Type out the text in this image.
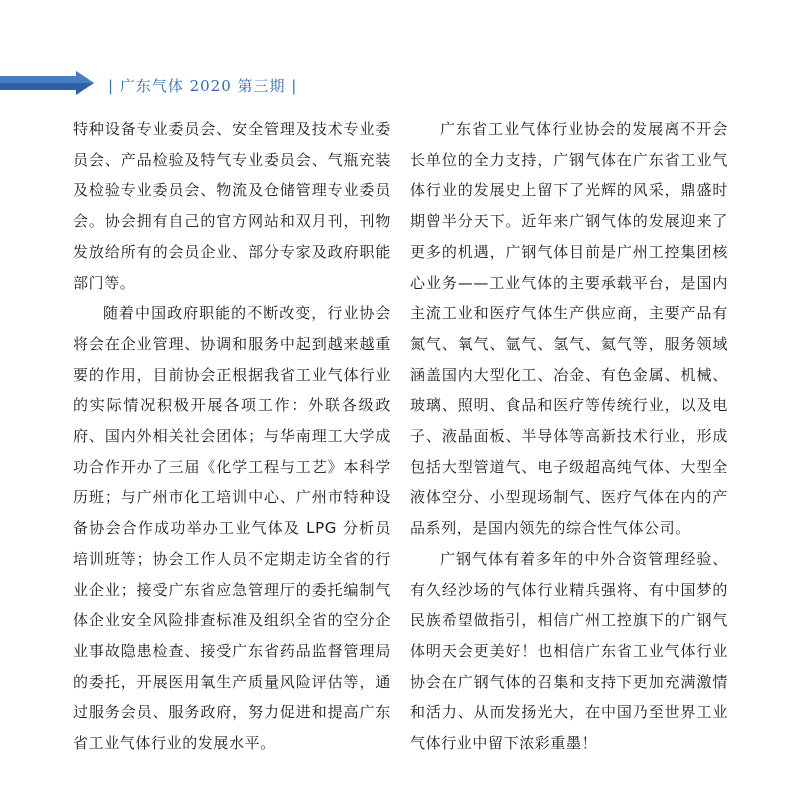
| 广东气体 2020 第三期 |

特种设备专业委员会、安全管理及技术专业委员会、产品检验及特气专业委员会、气瓶充装及检验专业委员会、物流及仓储管理专业委员会。协会拥有自己的官方网站和双月刊，刊物发放给所有的会员企业、部分专家及政府职能部门等。

随着中国政府职能的不断改变，行业协会将会在企业管理、协调和服务中起到越来越重要的作用，目前协会正根据我省工业气体行业的实际情况积极开展各项工作：外联各级政府、国内外相关社会团体；与华南理工大学成功合作开办了三届《化学工程与工艺》本科学历班；与广州市化工培训中心、广州市特种设备协会合作成功举办工业气体及 LPG 分析员培训班等；协会工作人员不定期走访全省的行业企业；接受广东省应急管理厅的委托编制气体企业安全风险排查标准及组织全省的空分企业事故隐患检查、接受广东省药品监督管理局的委托，开展医用氧生产质量风险评估等，通过服务会员、服务政府，努力促进和提高广东省工业气体行业的发展水平。

广东省工业气体行业协会的发展离不开会长单位的全力支持，广钢气体在广东省工业气体行业的发展史上留下了光辉的风采，鼎盛时期曾半分天下。近年来广钢气体的发展迎来了更多的机遇，广钢气体目前是广州工控集团核心业务——工业气体的主要承载平台，是国内主流工业和医疗气体生产供应商，主要产品有氮气、氧气、氩气、氢气、氦气等，服务领域涵盖国内大型化工、冶金、有色金属、机械、玻璃、照明、食品和医疗等传统行业，以及电子、液晶面板、半导体等高新技术行业，形成包括大型管道气、电子级超高纯气体、大型全液体空分、小型现场制气、医疗气体在内的产品系列，是国内领先的综合性气体公司。

广钢气体有着多年的中外合资管理经验、有久经沙场的气体行业精兵强将、有中国梦的民族希望做指引，相信广州工控旗下的广钢气体明天会更美好！也相信广东省工业气体行业协会在广钢气体的召集和支持下更加充满激情和活力、从而发扬光大，在中国乃至世界工业气体行业中留下浓彩重墨！
